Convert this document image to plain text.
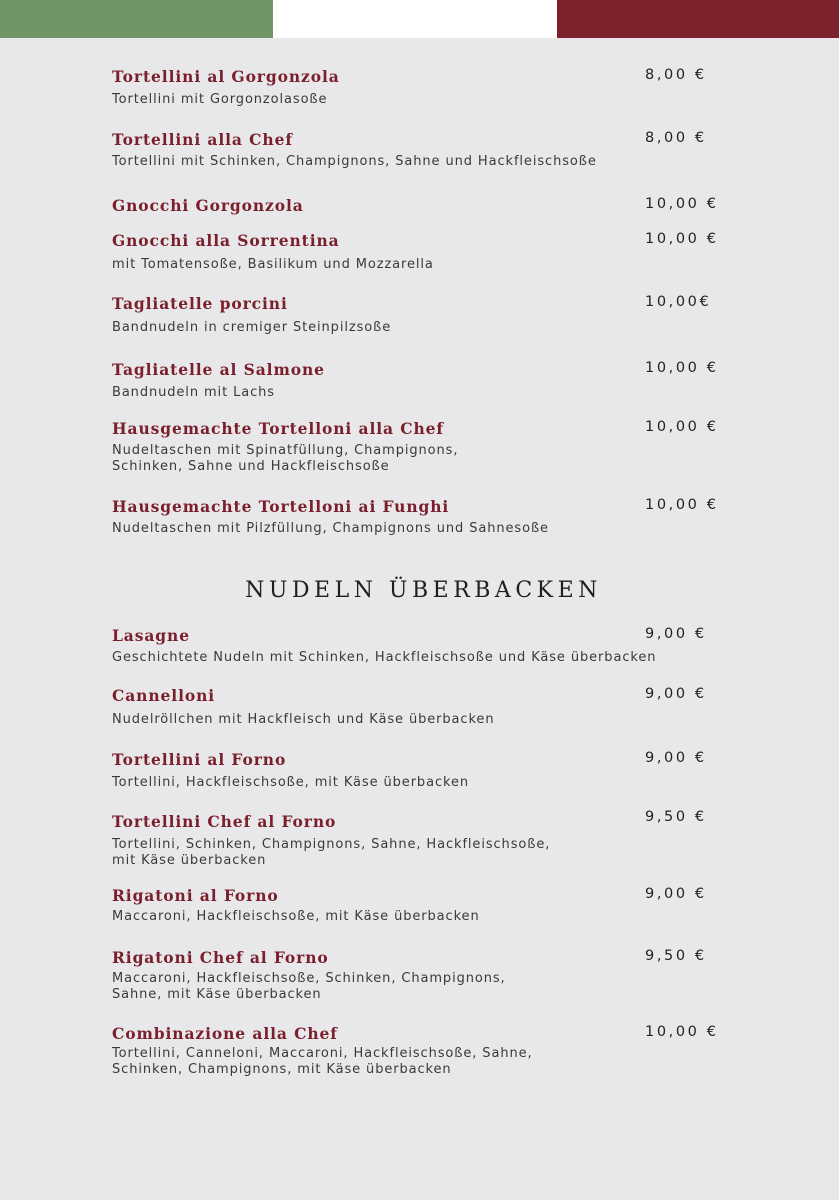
Tortellini al Gorgonzola	8,00 €
Tortellini mit Gorgonzolasoße
Tortellini alla Chef	8,00 €
Tortellini mit Schinken, Champignons, Sahne und Hackfleischsoße
Gnocchi Gorgonzola	10,00 €
Gnocchi alla Sorrentina	10,00 €
mit Tomatensoße, Basilikum und Mozzarella
Tagliatelle porcini	10,00€
Bandnudeln in cremiger Steinpilzsoße
Tagliatelle al Salmone	10,00 €
Bandnudeln mit Lachs
Hausgemachte Tortelloni alla Chef	10,00 €
Nudeltaschen mit Spinatfüllung, Champignons,
Schinken, Sahne und Hackfleischsoße
Hausgemachte Tortelloni ai Funghi	10,00 €
Nudeltaschen mit Pilzfüllung, Champignons und Sahnesoße
NUDELN ÜBERBACKEN
Lasagne	9,00 €
Geschichtete Nudeln mit Schinken, Hackfleischsoße und Käse überbacken
Cannelloni	9,00 €
Nudelröllchen mit Hackfleisch und Käse überbacken
Tortellini al Forno	9,00 €
Tortellini, Hackfleischsoße, mit Käse überbacken
Tortellini Chef al Forno	9,50 €
Tortellini, Schinken, Champignons, Sahne, Hackfleischsoße,
mit Käse überbacken
Rigatoni al Forno	9,00 €
Maccaroni, Hackfleischsoße, mit Käse überbacken
Rigatoni Chef al Forno	9,50 €
Maccaroni, Hackfleischsoße, Schinken, Champignons,
Sahne, mit Käse überbacken
Combinazione alla Chef	10,00 €
Tortellini, Canneloni, Maccaroni, Hackfleischsoße, Sahne,
Schinken, Champignons, mit Käse überbacken
